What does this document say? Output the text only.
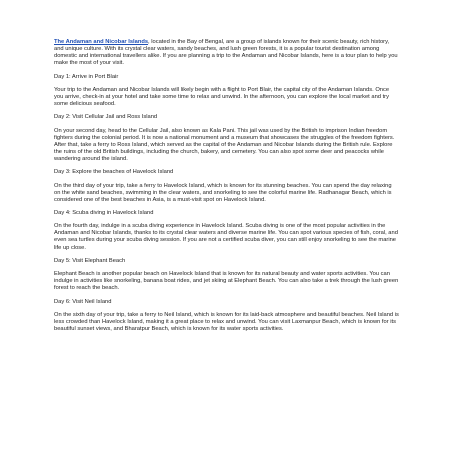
The Andaman and Nicobar Islands, located in the Bay of Bengal, are a group of islands known for their scenic beauty, rich history, and unique culture. With its crystal clear waters, sandy beaches, and lush green forests, it is a popular tourist destination among domestic and international travellers alike. If you are planning a trip to the Andaman and Nicobar Islands, here is a tour plan to help you make the most of your visit.

Day 1: Arrive in Port Blair

Your trip to the Andaman and Nicobar Islands will likely begin with a flight to Port Blair, the capital city of the Andaman Islands. Once you arrive, check-in at your hotel and take some time to relax and unwind. In the afternoon, you can explore the local market and try some delicious seafood.

Day 2: Visit Cellular Jail and Ross Island

On your second day, head to the Cellular Jail, also known as Kala Pani. This jail was used by the British to imprison Indian freedom fighters during the colonial period. It is now a national monument and a museum that showcases the struggles of the freedom fighters. After that, take a ferry to Ross Island, which served as the capital of the Andaman and Nicobar Islands during the British rule. Explore the ruins of the old British buildings, including the church, bakery, and cemetery. You can also spot some deer and peacocks while wandering around the island.

Day 3: Explore the beaches of Havelock Island

On the third day of your trip, take a ferry to Havelock Island, which is known for its stunning beaches. You can spend the day relaxing on the white sand beaches, swimming in the clear waters, and snorkeling to see the colorful marine life. Radhanagar Beach, which is considered one of the best beaches in Asia, is a must-visit spot on Havelock Island.

Day 4: Scuba diving in Havelock Island

On the fourth day, indulge in a scuba diving experience in Havelock Island. Scuba diving is one of the most popular activities in the Andaman and Nicobar Islands, thanks to its crystal clear waters and diverse marine life. You can spot various species of fish, coral, and even sea turtles during your scuba diving session. If you are not a certified scuba diver, you can still enjoy snorkeling to see the marine life up close.

Day 5: Visit Elephant Beach

Elephant Beach is another popular beach on Havelock Island that is known for its natural beauty and water sports activities. You can indulge in activities like snorkeling, banana boat rides, and jet skiing at Elephant Beach. You can also take a trek through the lush green forest to reach the beach.

Day 6: Visit Neil Island

On the sixth day of your trip, take a ferry to Neil Island, which is known for its laid-back atmosphere and beautiful beaches. Neil Island is less crowded than Havelock Island, making it a great place to relax and unwind. You can visit Laxmanpur Beach, which is known for its beautiful sunset views, and Bharatpur Beach, which is known for its water sports activities.
